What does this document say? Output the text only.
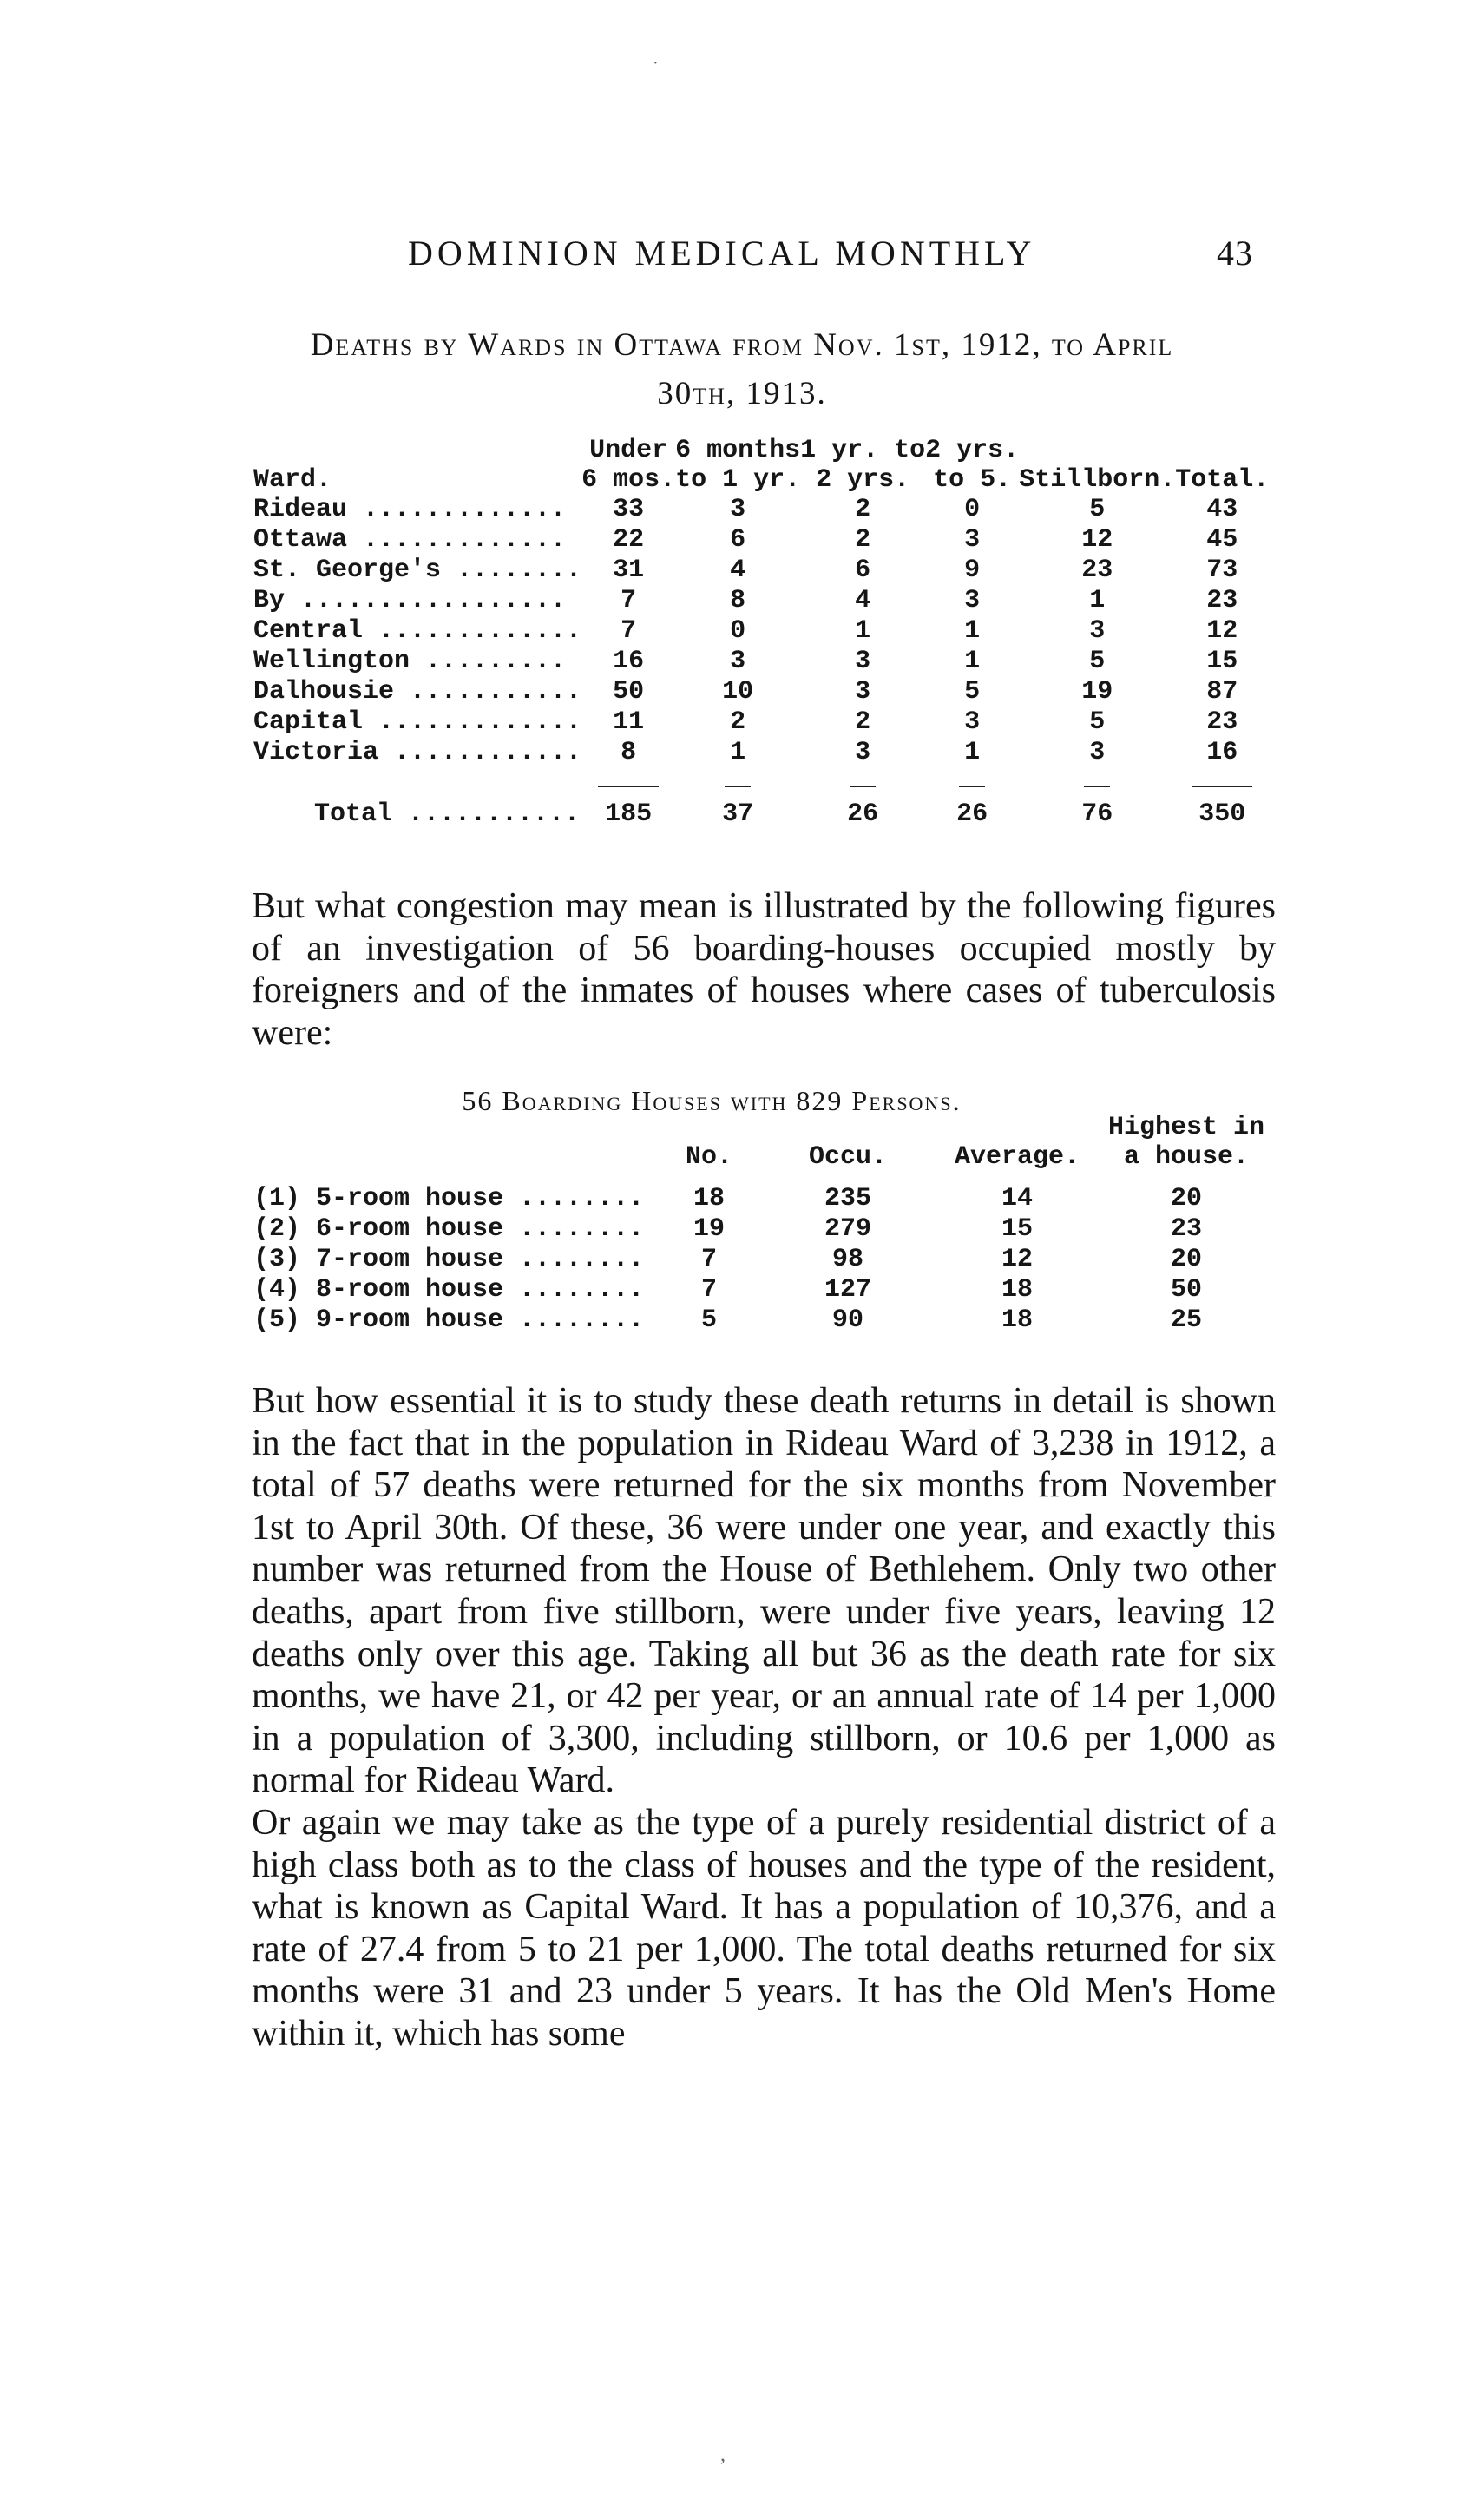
·
DOMINION MEDICAL MONTHLY	43
Deaths by Wards in Ottawa from Nov. 1st, 1912, to April
30th, 1913.
	Under	6 months	1 yr. to	2 yrs.		
Ward.	6 mos.	to 1 yr.	2 yrs.	to 5.	Stillborn.	Total.
Rideau .............	33	3	2	0	5	43
Ottawa .............	22	6	2	3	12	45
St. George's ........	31	4	6	9	23	73
By .................	7	8	4	3	1	23
Central .............	7	0	1	1	3	12
Wellington .........	16	3	3	1	5	15
Dalhousie ...........	50	10	3	5	19	87
Capital .............	11	2	2	3	5	23
Victoria ............	8	1	3	1	3	16

Total ...........	185	37	26	26	76	350

But what congestion may mean is illustrated by the following figures of an investigation of 56 boarding-houses occupied mostly by foreigners and of the inmates of houses where cases of tuberculosis were:

56 Boarding Houses with 829 Persons.
				Highest in
	No.	Occu.	Average.	a house.

(1) 5-room house ........	18	235	14	20
(2) 6-room house ........	19	279	15	23
(3) 7-room house ........	7	98	12	20
(4) 8-room house ........	7	127	18	50
(5) 9-room house ........	5	90	18	25

But how essential it is to study these death returns in detail is shown in the fact that in the population in Rideau Ward of 3,238 in 1912, a total of 57 deaths were returned for the six months from November 1st to April 30th. Of these, 36 were under one year, and exactly this number was returned from the House of Bethlehem. Only two other deaths, apart from five stillborn, were under five years, leaving 12 deaths only over this age. Taking all but 36 as the death rate for six months, we have 21, or 42 per year, or an annual rate of 14 per 1,000 in a population of 3,300, including stillborn, or 10.6 per 1,000 as normal for Rideau Ward.

Or again we may take as the type of a purely residential district of a high class both as to the class of houses and the type of the resident, what is known as Capital Ward. It has a population of 10,376, and a rate of 27.4 from 5 to 21 per 1,000. The total deaths returned for six months were 31 and 23 under 5 years. It has the Old Men's Home within it, which has some

,
